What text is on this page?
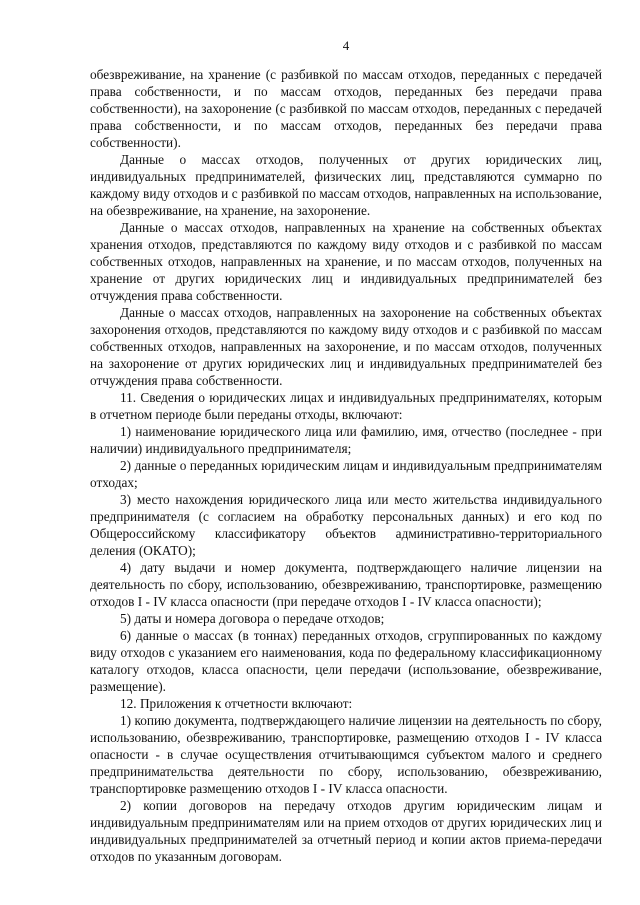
4

обезвреживание, на хранение (с разбивкой по массам отходов, переданных с передачей права собственности, и по массам отходов, переданных без передачи права собственности), на захоронение (с разбивкой по массам отходов, переданных с передачей права собственности, и по массам отходов, переданных без передачи права собственности).

Данные о массах отходов, полученных от других юридических лиц, индивидуальных предпринимателей, физических лиц, представляются суммарно по каждому виду отходов и с разбивкой по массам отходов, направленных на использование, на обезвреживание, на хранение, на захоронение.

Данные о массах отходов, направленных на хранение на собственных объектах хранения отходов, представляются по каждому виду отходов и с разбивкой по массам собственных отходов, направленных на хранение, и по массам отходов, полученных на хранение от других юридических лиц и индивидуальных предпринимателей без отчуждения права собственности.

Данные о массах отходов, направленных на захоронение на собственных объектах захоронения отходов, представляются по каждому виду отходов и с разбивкой по массам собственных отходов, направленных на захоронение, и по массам отходов, полученных на захоронение от других юридических лиц и индивидуальных предпринимателей без отчуждения права собственности.

11. Сведения о юридических лицах и индивидуальных предпринимателях, которым в отчетном периоде были переданы отходы, включают:

1) наименование юридического лица или фамилию, имя, отчество (последнее - при наличии) индивидуального предпринимателя;

2) данные о переданных юридическим лицам и индивидуальным предпринимателям отходах;

3) место нахождения юридического лица или место жительства индивидуального предпринимателя (с согласием на обработку персональных данных) и его код по Общероссийскому классификатору объектов административно-территориального деления (ОКАТО);

4) дату выдачи и номер документа, подтверждающего наличие лицензии на деятельность по сбору, использованию, обезвреживанию, транспортировке, размещению отходов I - IV класса опасности (при передаче отходов I - IV класса опасности);

5) даты и номера договора о передаче отходов;

6) данные о массах (в тоннах) переданных отходов, сгруппированных по каждому виду отходов с указанием его наименования, кода по федеральному классификационному каталогу отходов, класса опасности, цели передачи (использование, обезвреживание, размещение).

12. Приложения к отчетности включают:

1) копию документа, подтверждающего наличие лицензии на деятельность по сбору, использованию, обезвреживанию, транспортировке, размещению отходов I - IV класса опасности - в случае осуществления отчитывающимся субъектом малого и среднего предпринимательства деятельности по сбору, использованию, обезвреживанию, транспортировке размещению отходов I - IV класса опасности.

2) копии договоров на передачу отходов другим юридическим лицам и индивидуальным предпринимателям или на прием отходов от других юридических лиц и индивидуальных предпринимателей за отчетный период и копии актов приема-передачи отходов по указанным договорам.
